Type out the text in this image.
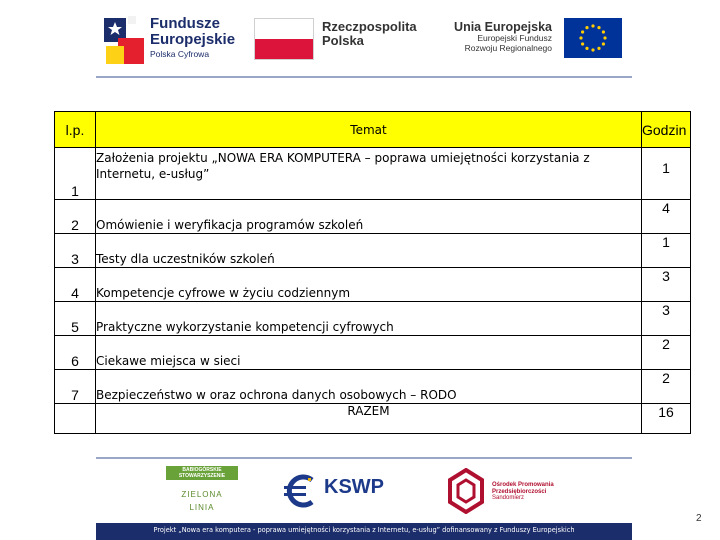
Fundusze
Europejskie
Polska Cyfrowa
Rzeczpospolita
Polska
Unia Europejska
Europejski Fundusz
Rozwoju Regionalnego
l.p.	Temat	Godzin
1	Założenia projektu „NOWA ERA KOMPUTERA – poprawa umiejętności korzystania z
Internetu, e-usług”	1
2	Omówienie i weryfikacja programów szkoleń	4
3	Testy dla uczestników szkoleń	1
4	Kompetencje cyfrowe w życiu codziennym	3
5	Praktyczne wykorzystanie kompetencji cyfrowych	3
6	Ciekawe miejsca w sieci	2
7	Bezpieczeństwo w oraz ochrona danych osobowych – RODO	2
	RAZEM	16
BABIOGÓRSKIE STOWARZYSZENIE
ZIELONA
LINIA
KSWP	Ośrodek Promowania
Przedsiębiorczości
Sandomierz
Projekt „Nowa era komputera - poprawa umiejętności korzystania z Internetu, e-usług” dofinansowany z Funduszy Europejskich
2
